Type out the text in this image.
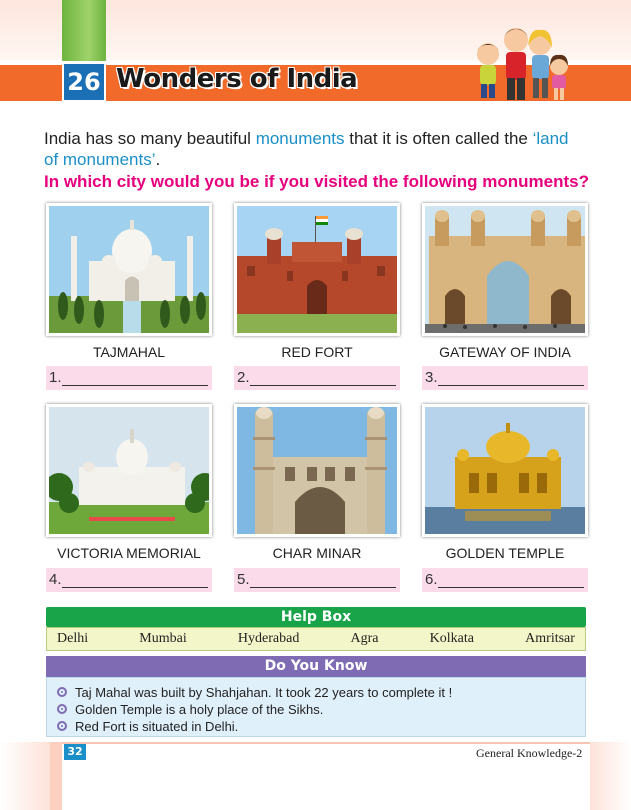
26 Wonders of India
India has so many beautiful monuments that it is often called the ‘land of monuments’.
In which city would you be if you visited the following monuments?
TAJMAHAL	RED FORT	GATEWAY OF INDIA
1.	2.	3.
VICTORIA MEMORIAL	CHAR MINAR	GOLDEN TEMPLE
4.	5.	6.
Help Box
Delhi	Mumbai	Hyderabad	Agra	Kolkata	Amritsar
Do You Know
Taj Mahal was built by Shahjahan. It took 22 years to complete it !
Golden Temple is a holy place of the Sikhs.
Red Fort is situated in Delhi.
32	General Knowledge-2
